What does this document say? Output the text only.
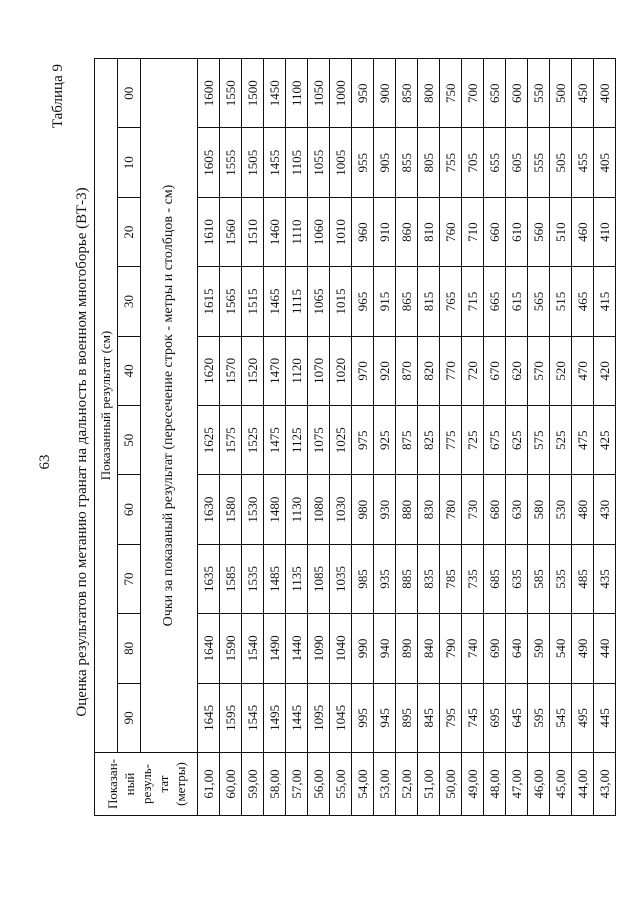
63
Таблица 9
Оценка результатов по метанию гранат на дальность в военном многоборье (ВТ-3)
Показан- ный резуль- тат (метры)	Показанный результат (см)									
	90	80	70	60	50	40	30	20	10	00
	Очки за показаный результат (пересечение строк - метры и столбцов - см)									
61,00	1645	1640	1635	1630	1625	1620	1615	1610	1605	1600
60,00	1595	1590	1585	1580	1575	1570	1565	1560	1555	1550
59,00	1545	1540	1535	1530	1525	1520	1515	1510	1505	1500
58,00	1495	1490	1485	1480	1475	1470	1465	1460	1455	1450
57,00	1445	1440	1135	1130	1125	1120	1115	1110	1105	1100
56,00	1095	1090	1085	1080	1075	1070	1065	1060	1055	1050
55,00	1045	1040	1035	1030	1025	1020	1015	1010	1005	1000
54,00	995	990	985	980	975	970	965	960	955	950
53,00	945	940	935	930	925	920	915	910	905	900
52,00	895	890	885	880	875	870	865	860	855	850
51,00	845	840	835	830	825	820	815	810	805	800
50,00	795	790	785	780	775	770	765	760	755	750
49,00	745	740	735	730	725	720	715	710	705	700
48,00	695	690	685	680	675	670	665	660	655	650
47,00	645	640	635	630	625	620	615	610	605	600
46,00	595	590	585	580	575	570	565	560	555	550
45,00	545	540	535	530	525	520	515	510	505	500
44,00	495	490	485	480	475	470	465	460	455	450
43,00	445	440	435	430	425	420	415	410	405	400
